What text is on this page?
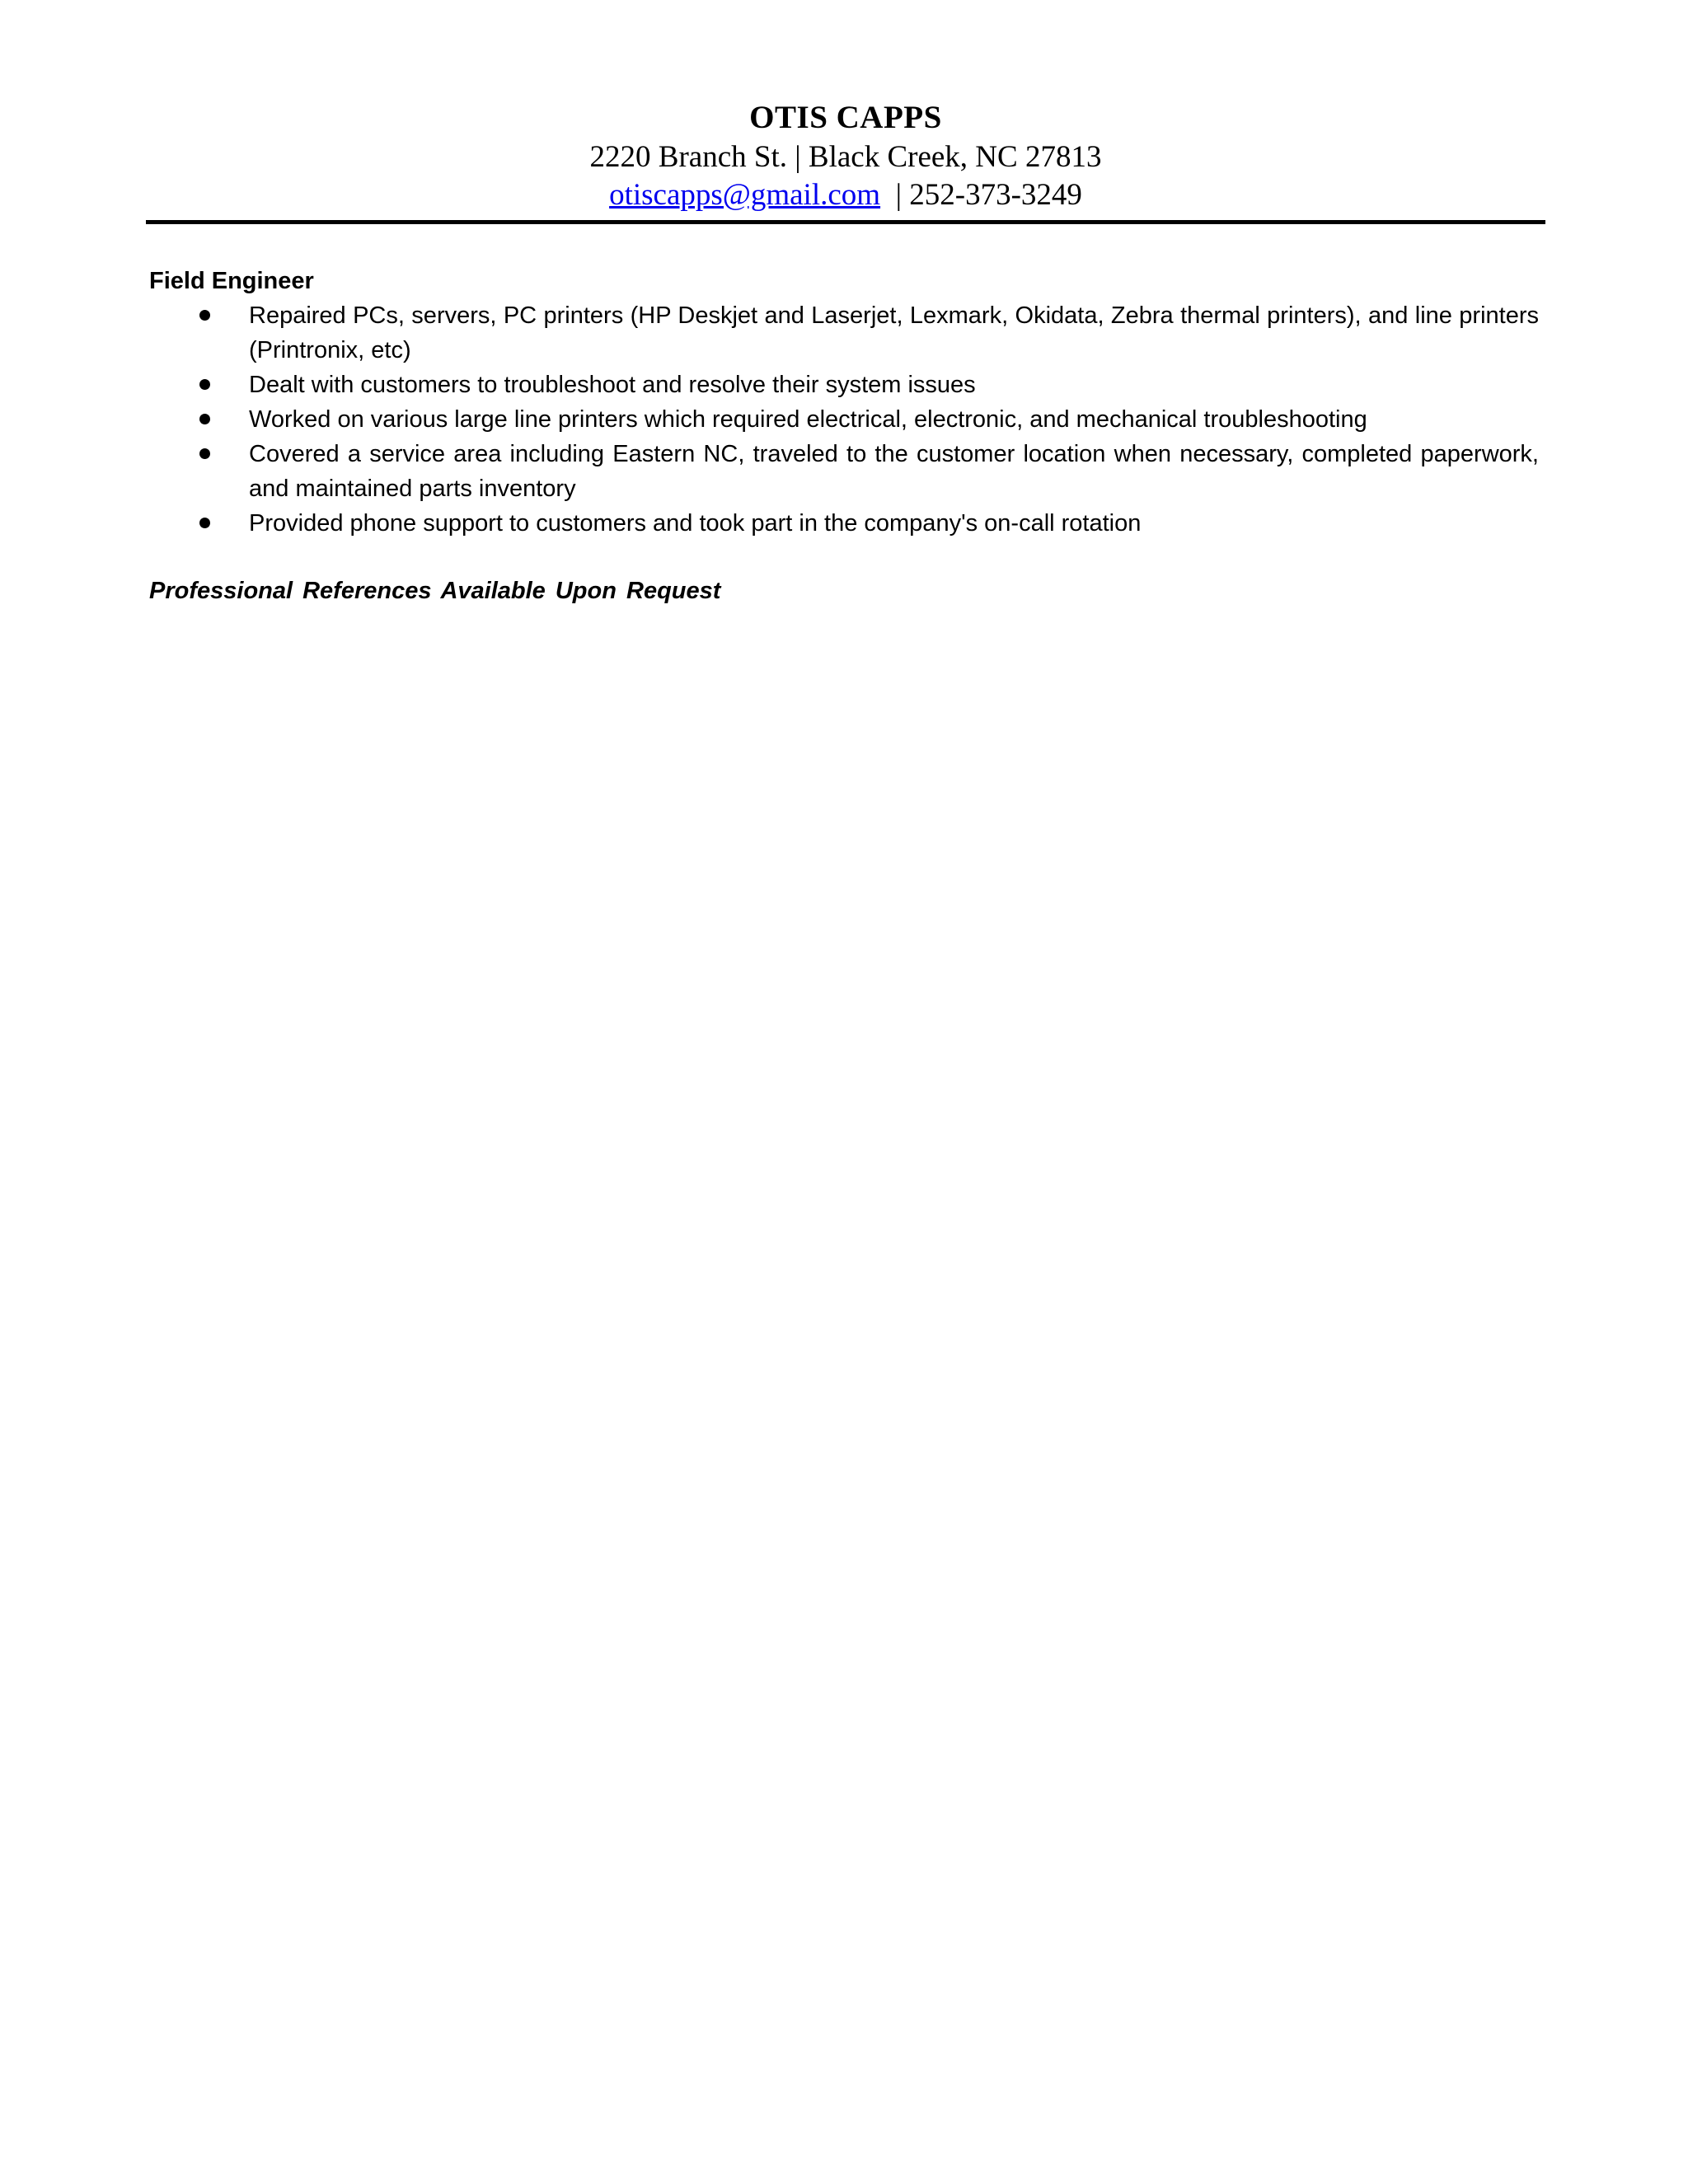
OTIS CAPPS
2220 Branch St. | Black Creek, NC 27813
otiscapps@gmail.com  | 252-373-3249
Field Engineer
Repaired PCs, servers, PC printers (HP Deskjet and Laserjet, Lexmark, Okidata, Zebra thermal printers), and line printers (Printronix, etc)
Dealt with customers to troubleshoot and resolve their system issues
Worked on various large line printers which required electrical, electronic, and mechanical troubleshooting
Covered a service area including Eastern NC, traveled to the customer location when necessary, completed paperwork, and maintained parts inventory
Provided phone support to customers and took part in the company's on-call rotation
Professional References Available Upon Request
